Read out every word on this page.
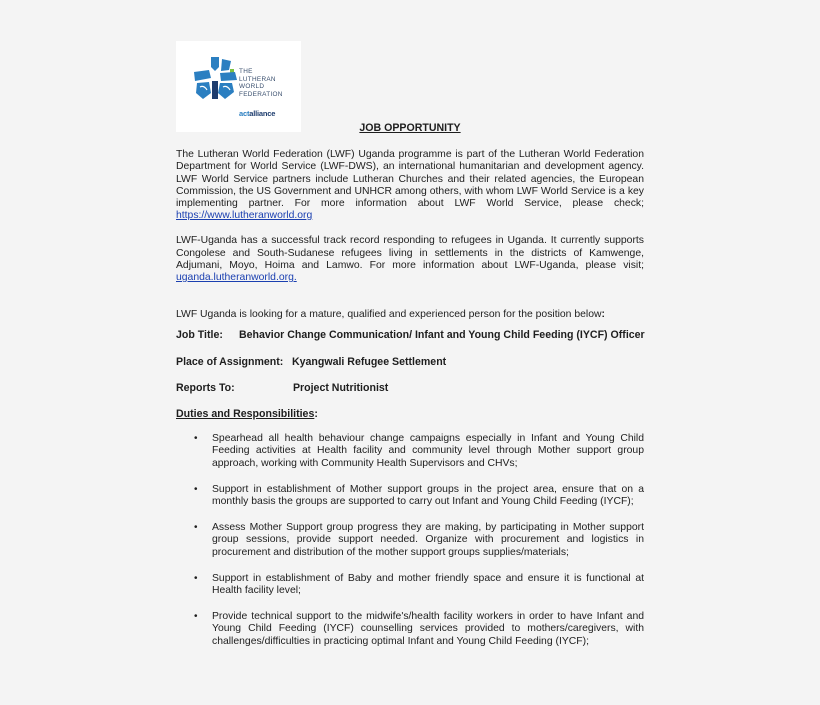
THE
LUTHERAN
WORLD
FEDERATION
actalliance
JOB OPPORTUNITY

The Lutheran World Federation (LWF) Uganda programme is part of the Lutheran World Federation Department for World Service (LWF-DWS), an international humanitarian and development agency. LWF World Service partners include Lutheran Churches and their related agencies, the European Commission, the US Government and UNHCR among others, with whom LWF World Service is a key implementing partner. For more information about LWF World Service, please check; https://www.lutheranworld.org

LWF-Uganda has a successful track record responding to refugees in Uganda. It currently supports Congolese and South-Sudanese refugees living in settlements in the districts of Kamwenge, Adjumani, Moyo, Hoima and Lamwo. For more information about LWF-Uganda, please visit; uganda.lutheranworld.org.

LWF Uganda is looking for a mature, qualified and experienced person for the position below:

Job Title: Behavior Change Communication/ Infant and Young Child Feeding (IYCF) Officer
Place of Assignment: Kyangwali Refugee Settlement
Reports To:	Project Nutritionist
Duties and Responsibilities:
• Spearhead all health behaviour change campaigns especially in Infant and Young Child Feeding activities at Health facility and community level through Mother support group approach, working with Community Health Supervisors and CHVs;
• Support in establishment of Mother support groups in the project area, ensure that on a monthly basis the groups are supported to carry out Infant and Young Child Feeding (IYCF);
• Assess Mother Support group progress they are making, by participating in Mother support group sessions, provide support needed. Organize with procurement and logistics in procurement and distribution of the mother support groups supplies/materials;
• Support in establishment of Baby and mother friendly space and ensure it is functional at Health facility level;
• Provide technical support to the midwife's/health facility workers in order to have Infant and Young Child Feeding (IYCF) counselling services provided to mothers/caregivers, with challenges/difficulties in practicing optimal Infant and Young Child Feeding (IYCF);
